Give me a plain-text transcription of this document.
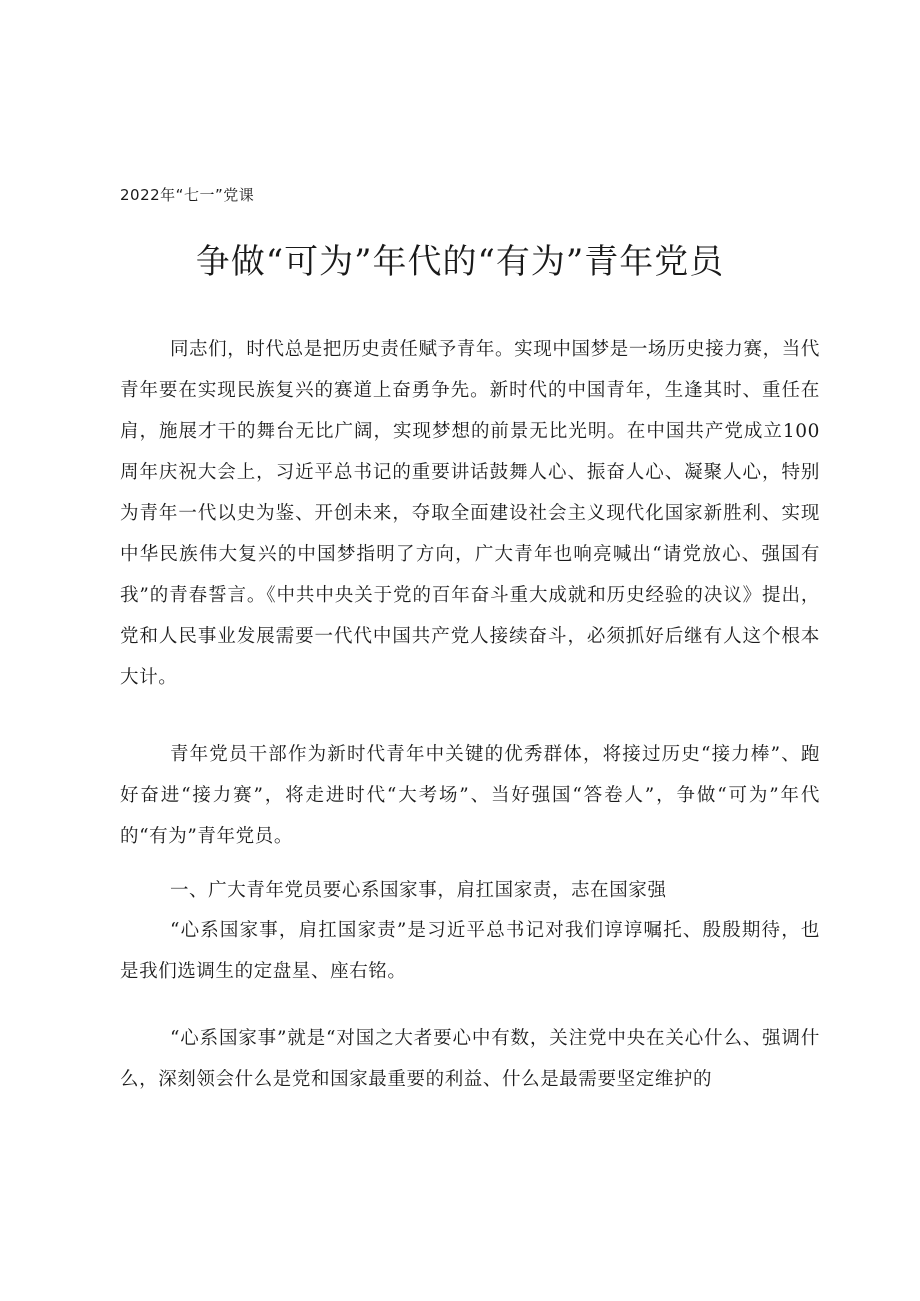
2022年“七一”党课
争做“可为”年代的“有为”青年党员

同志们，时代总是把历史责任赋予青年。实现中国梦是一场历史接力赛，当代青年要在实现民族复兴的赛道上奋勇争先。新时代的中国青年，生逢其时、重任在肩，施展才干的舞台无比广阔，实现梦想的前景无比光明。在中国共产党成立100周年庆祝大会上，习近平总书记的重要讲话鼓舞人心、振奋人心、凝聚人心，特别为青年一代以史为鉴、开创未来，夺取全面建设社会主义现代化国家新胜利、实现中华民族伟大复兴的中国梦指明了方向，广大青年也响亮喊出“请党放心、强国有我”的青春誓言。《中共中央关于党的百年奋斗重大成就和历史经验的决议》提出，党和人民事业发展需要一代代中国共产党人接续奋斗，必须抓好后继有人这个根本大计。

青年党员干部作为新时代青年中关键的优秀群体，将接过历史“接力棒”、跑好奋进“接力赛”，将走进时代“大考场”、当好强国“答卷人”，争做“可为”年代的“有为”青年党员。

一、广大青年党员要心系国家事，肩扛国家责，志在国家强

“心系国家事，肩扛国家责”是习近平总书记对我们谆谆嘱托、殷殷期待，也是我们选调生的定盘星、座右铭。

“心系国家事”就是“对国之大者要心中有数，关注党中央在关心什么、强调什么，深刻领会什么是党和国家最重要的利益、什么是最需要坚定维护的
